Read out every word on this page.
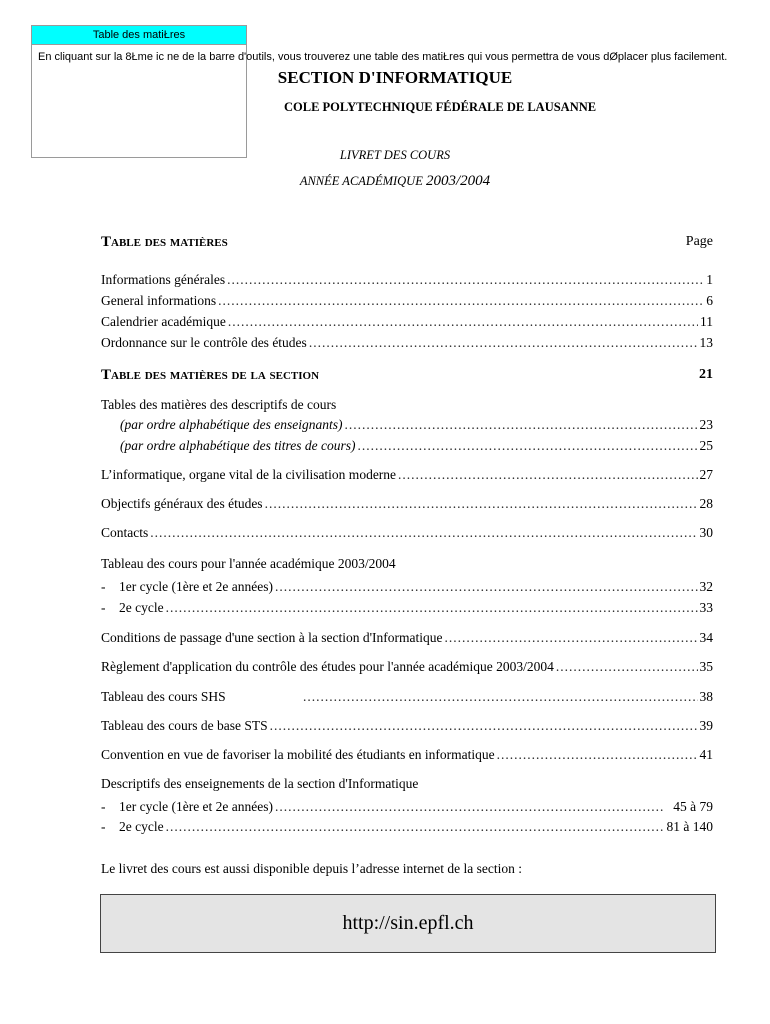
Table des matiŁres
En cliquant sur la 8Łme ic ne de la barre d'outils, vous trouverez une table des matiŁres qui vous permettra de vous dØplacer plus facilement.
SECTION D'INFORMATIQUE
COLE POLYTECHNIQUE FÉDÉRALE DE LAUSANNE
LIVRET DES COURS
ANNÉE ACADÉMIQUE 2003/2004
Table des matières	Page
Informations générales .....	1
General informations .....	6
Calendrier académique .....	11
Ordonnance sur le contrôle des études .....	13
Table des matières de la section	21
Tables des matières des descriptifs de cours
(par ordre alphabétique des enseignants) .....	23
(par ordre alphabétique des titres de cours) .....	25
L’informatique, organe vital de la civilisation moderne .....	27
Objectifs généraux des études .....	28
Contacts .....	30
Tableau des cours pour l'année académique 2003/2004
-    1er cycle (1ère et 2e années) .....	32
-    2e cycle .....	33
Conditions de passage d'une section à la section d'Informatique .....	34
Règlement d'application du contrôle des études pour l'année académique 2003/2004 .....	35
Tableau des cours SHS .....	38
Tableau des cours de base STS .....	39
Convention en vue de favoriser la mobilité des étudiants en informatique .....	41
Descriptifs des enseignements de la section d'Informatique
-    1er cycle (1ère et 2e années) .....	45 à 79
-    2e cycle .....	81 à 140
Le livret des cours est aussi disponible depuis l’adresse internet de la section :
http://sin.epfl.ch
